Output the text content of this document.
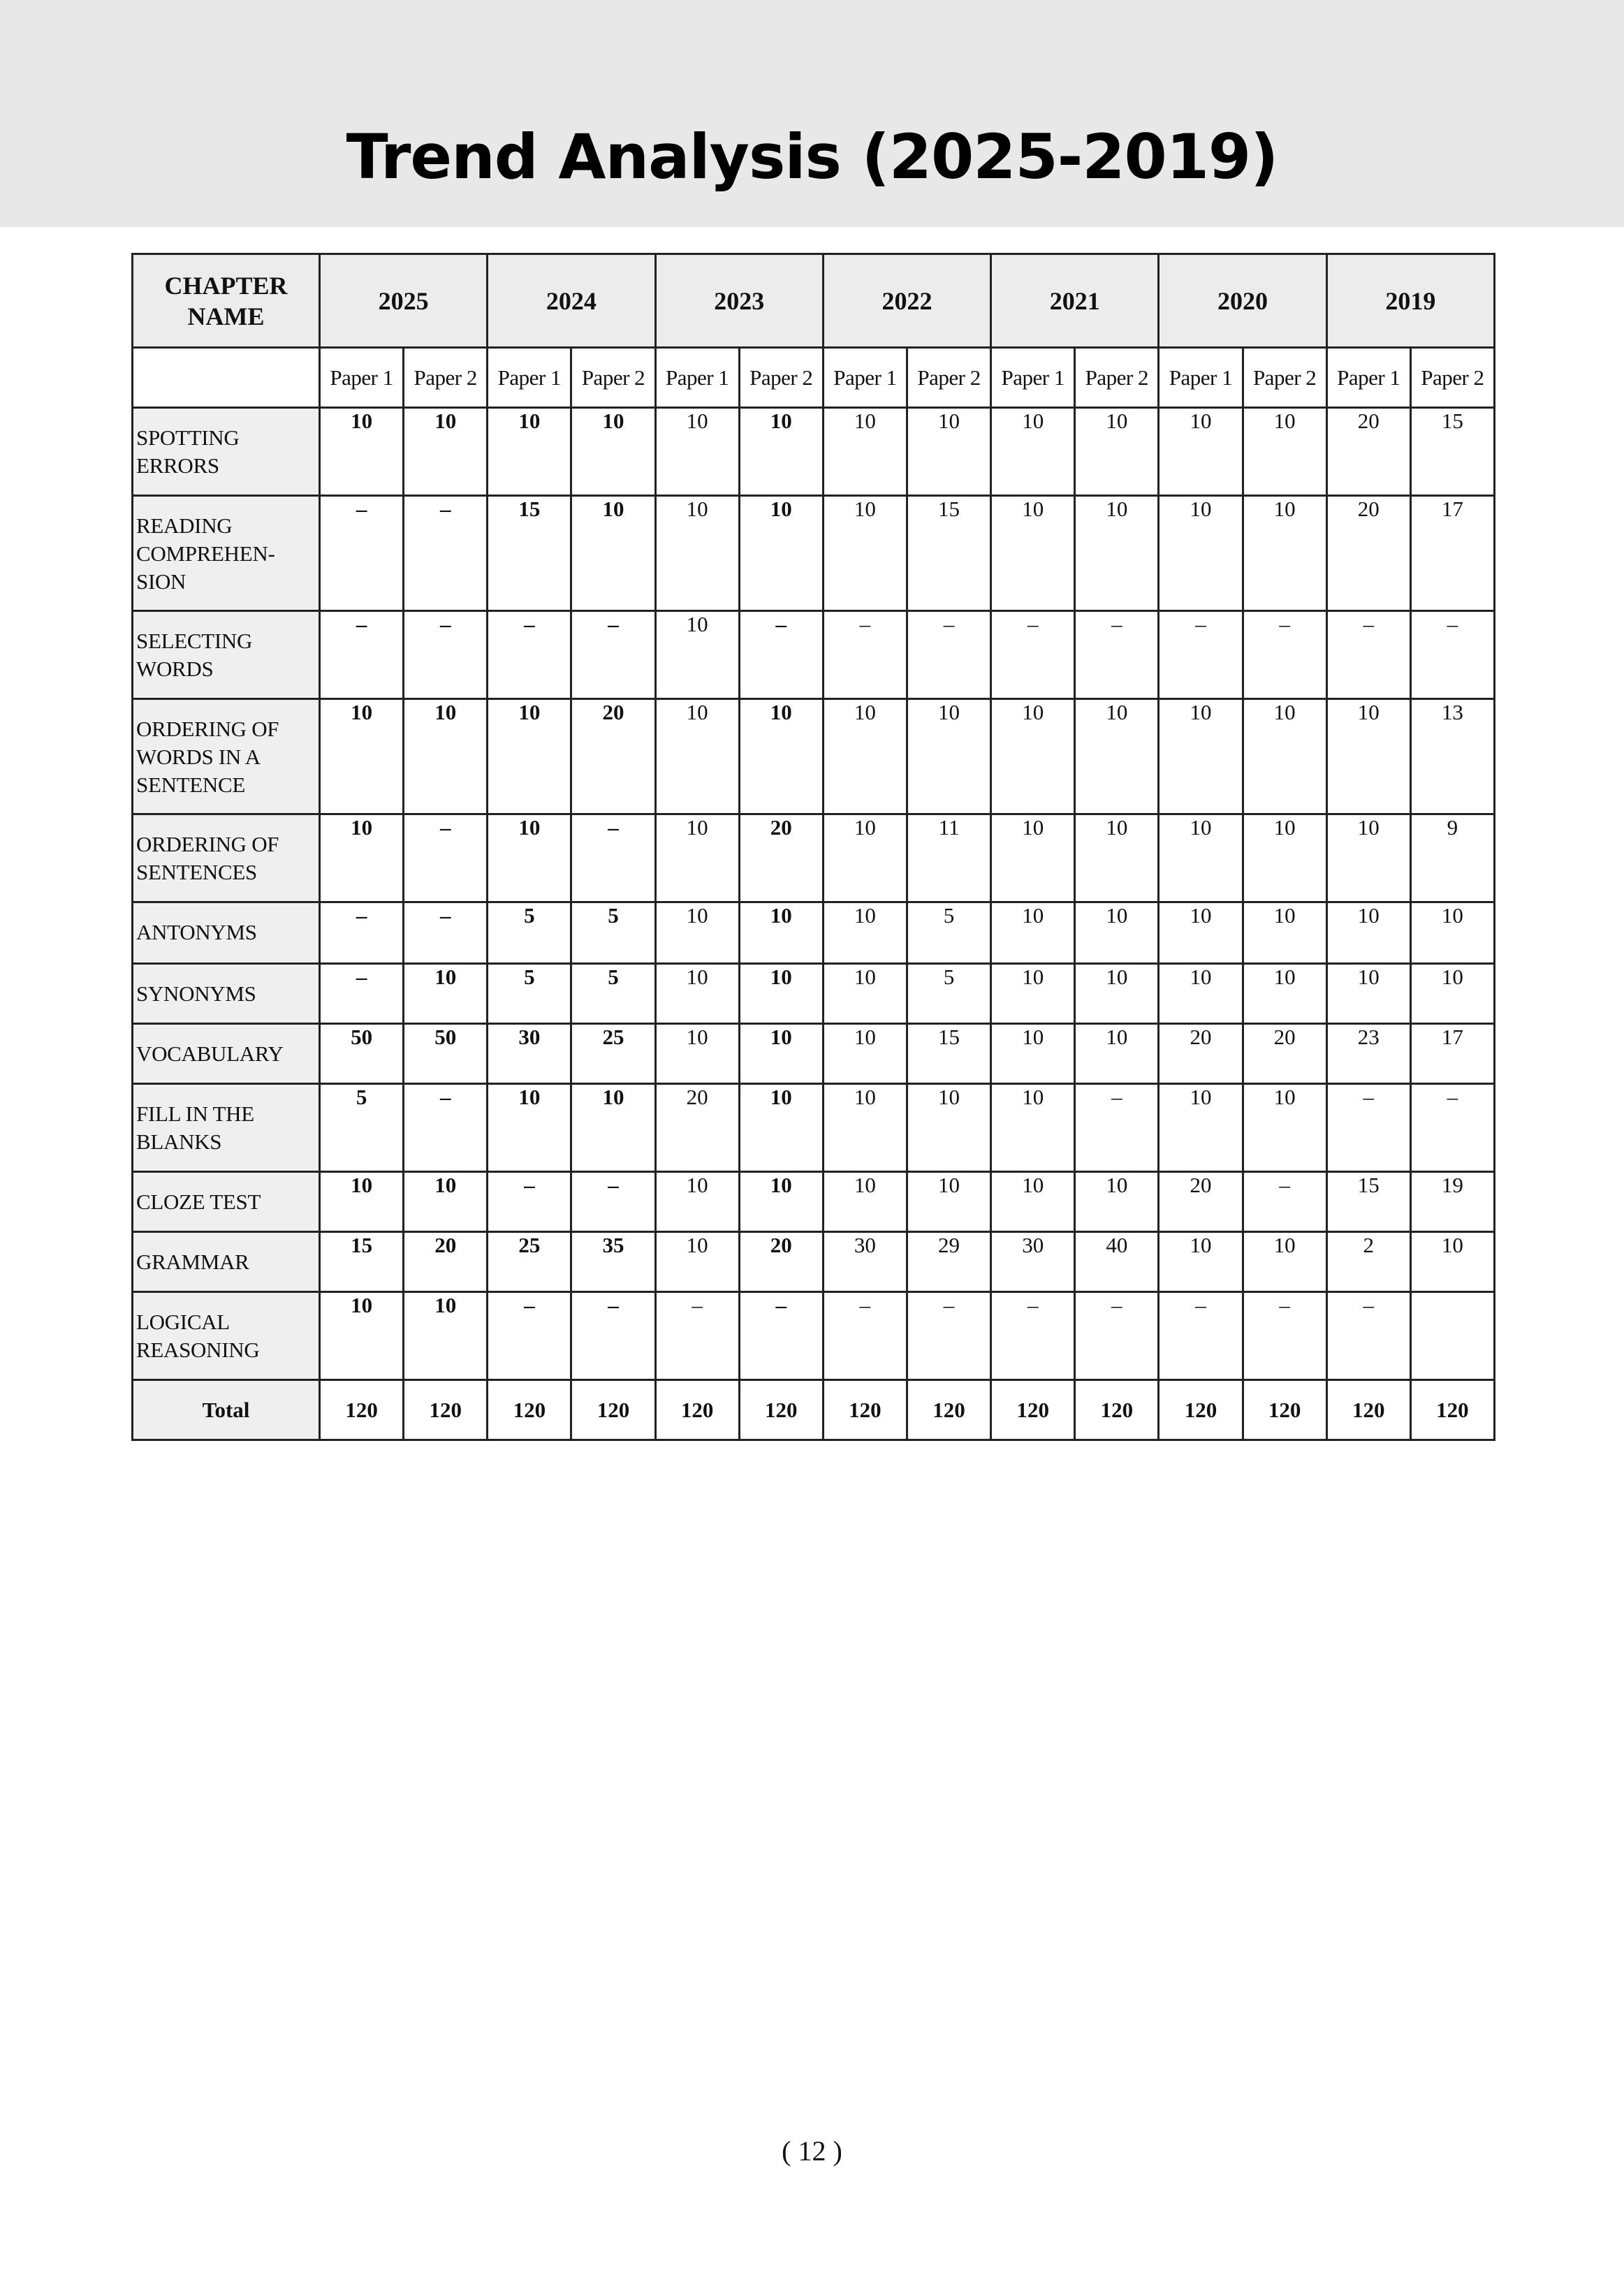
Trend Analysis (2025-2019)
CHAPTER NAME	2025		2024		2023		2022		2021		2020		2019	
	Paper 1	Paper 2	Paper 1	Paper 2	Paper 1	Paper 2	Paper 1	Paper 2	Paper 1	Paper 2	Paper 1	Paper 2	Paper 1	Paper 2

SPOTTING
ERRORS	10	10	10	10	10	10	10	10	10	10	10	10	20	15

READING
COMPREHEN-
SION	–	–	15	10	10	10	10	15	10	10	10	10	20	17

SELECTING
WORDS	–	–	–	–	10	–	–	–	–	–	–	–	–	–

ORDERING OF
WORDS IN A
SENTENCE	10	10	10	20	10	10	10	10	10	10	10	10	10	13

ORDERING OF
SENTENCES	10	–	10	–	10	20	10	11	10	10	10	10	10	9

ANTONYMS	–	–	5	5	10	10	10	5	10	10	10	10	10	10

SYNONYMS	–	10	5	5	10	10	10	5	10	10	10	10	10	10

VOCABULARY	50	50	30	25	10	10	10	15	10	10	20	20	23	17

FILL IN THE
BLANKS	5	–	10	10	20	10	10	10	10	–	10	10	–	–

CLOZE TEST	10	10	–	–	10	10	10	10	10	10	20	–	15	19

GRAMMAR	15	20	25	35	10	20	30	29	30	40	10	10	2	10

LOGICAL
REASONING	10	10	–	–	–	–	–	–	–	–	–	–	–	
Total	120	120	120	120	120	120	120	120	120	120	120	120	120	120
( 12 )
